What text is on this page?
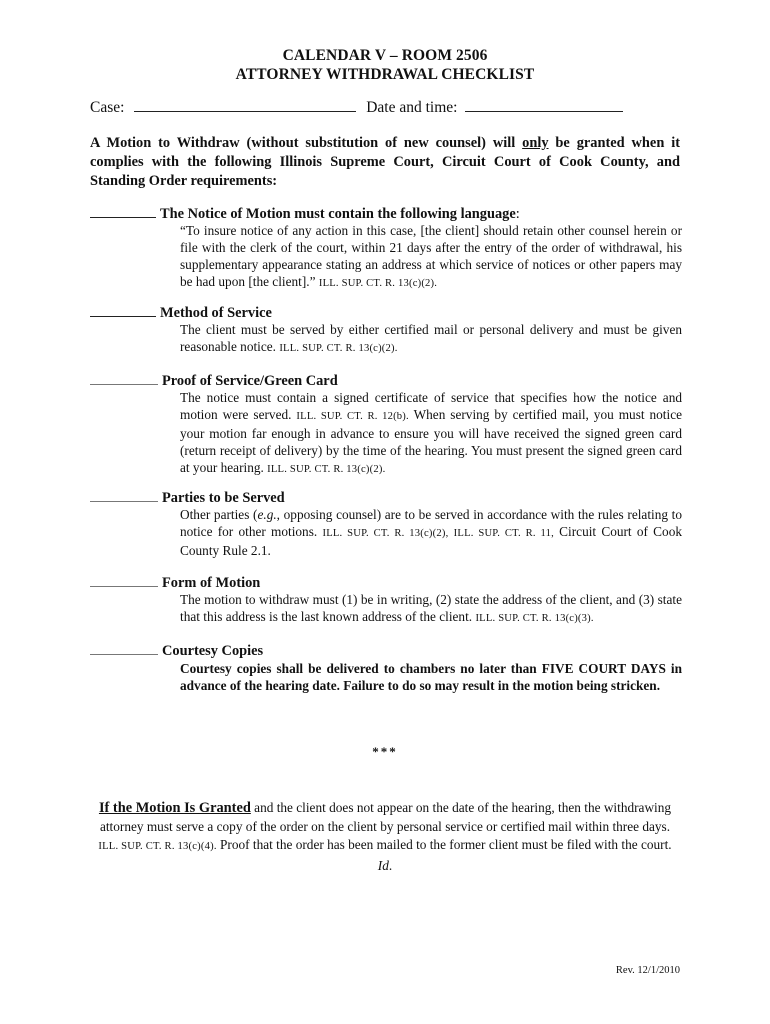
CALENDAR V – ROOM 2506
ATTORNEY WITHDRAWAL CHECKLIST
Case:	Date and time:
A Motion to Withdraw (without substitution of new counsel) will only be granted when it complies with the following Illinois Supreme Court, Circuit Court of Cook County, and Standing Order requirements:
The Notice of Motion must contain the following language:
“To insure notice of any action in this case, [the client] should retain other counsel herein or file with the clerk of the court, within 21 days after the entry of the order of withdrawal, his supplementary appearance stating an address at which service of notices or other papers may be had upon [the client].” ILL. SUP. CT. R. 13(c)(2).
Method of Service
The client must be served by either certified mail or personal delivery and must be given reasonable notice. ILL. SUP. CT. R. 13(c)(2).
Proof of Service/Green Card
The notice must contain a signed certificate of service that specifies how the notice and motion were served. ILL. SUP. CT. R. 12(b). When serving by certified mail, you must notice your motion far enough in advance to ensure you will have received the signed green card (return receipt of delivery) by the time of the hearing. You must present the signed green card at your hearing. ILL. SUP. CT. R. 13(c)(2).
Parties to be Served
Other parties (e.g., opposing counsel) are to be served in accordance with the rules relating to notice for other motions. ILL. SUP. CT. R. 13(c)(2), ILL. SUP. CT. R. 11, Circuit Court of Cook County Rule 2.1.
Form of Motion
The motion to withdraw must (1) be in writing, (2) state the address of the client, and (3) state that this address is the last known address of the client. ILL. SUP. CT. R. 13(c)(3).
Courtesy Copies
Courtesy copies shall be delivered to chambers no later than FIVE COURT DAYS in advance of the hearing date. Failure to do so may result in the motion being stricken.
***
If the Motion Is Granted and the client does not appear on the date of the hearing, then the withdrawing attorney must serve a copy of the order on the client by personal service or certified mail within three days. ILL. SUP. CT. R. 13(c)(4). Proof that the order has been mailed to the former client must be filed with the court. Id.
Rev. 12/1/2010
